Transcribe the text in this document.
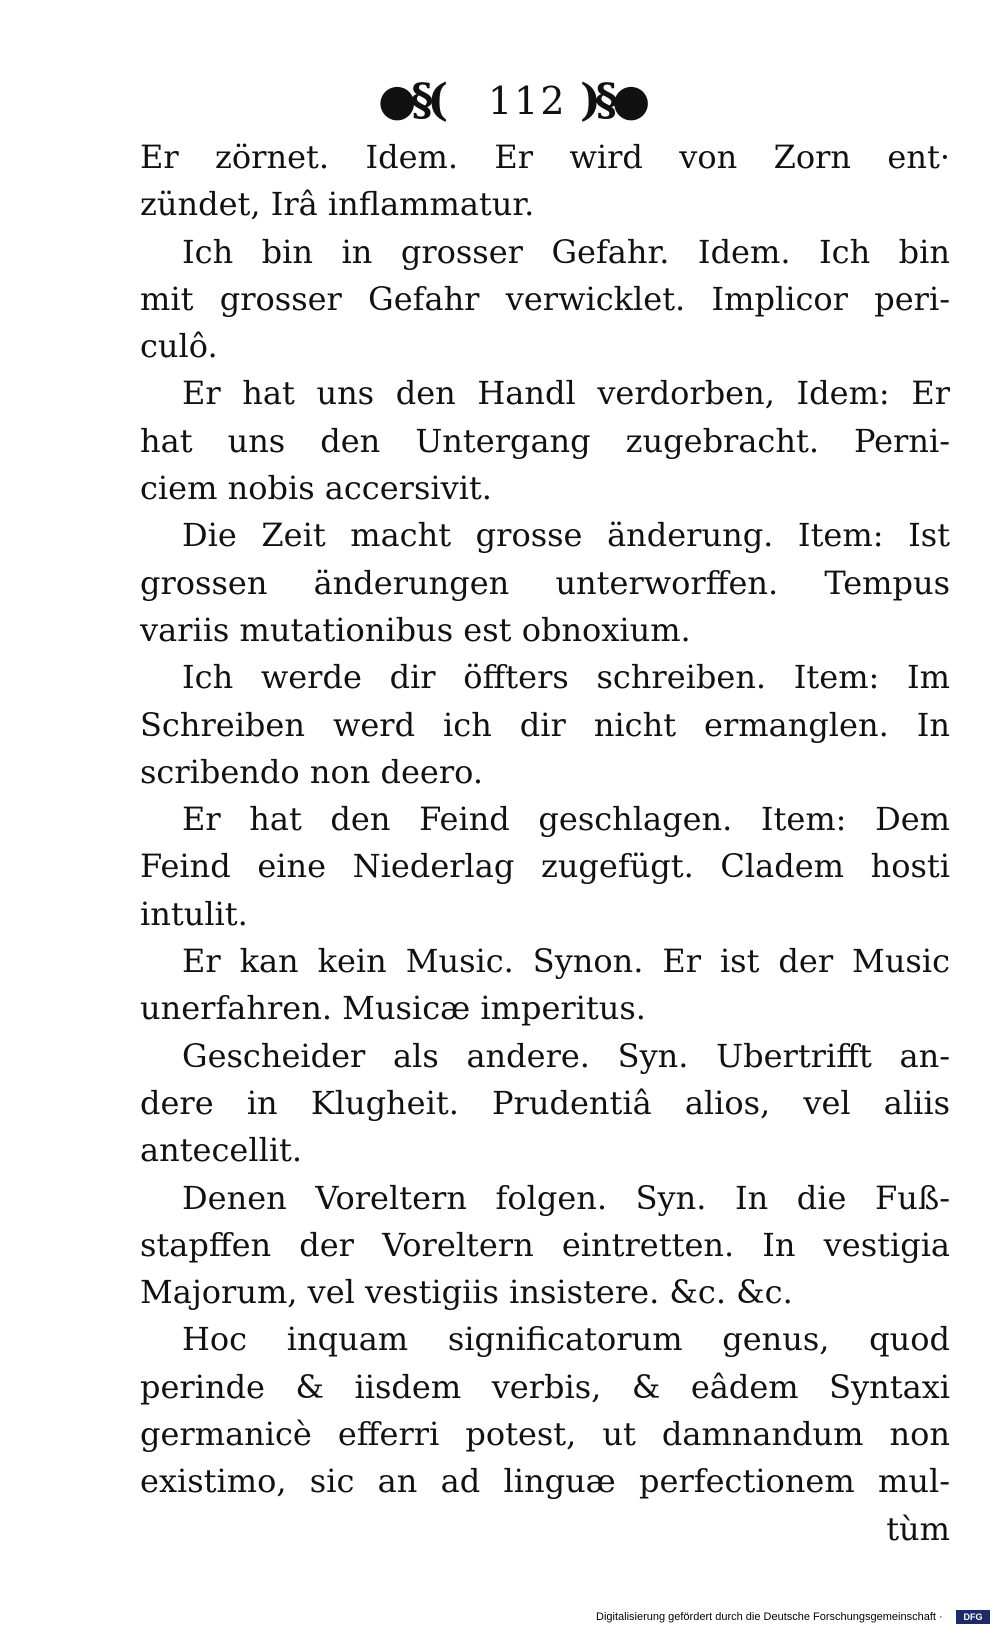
●§( 112 )§●
Er zörnet. Idem. Er wird von Zorn ent·
zündet, Irâ inflammatur.
Ich bin in grosser Gefahr. Idem. Ich bin
mit grosser Gefahr verwicklet. Implicor peri-
culô.
Er hat uns den Handl verdorben, Idem: Er
hat uns den Untergang zugebracht. Perni-
ciem nobis accersivit.
Die Zeit macht grosse änderung. Item: Ist
grossen änderungen unterworffen. Tempus
variis mutationibus est obnoxium.
Ich werde dir öffters schreiben. Item: Im
Schreiben werd ich dir nicht ermanglen. In
scribendo non deero.
Er hat den Feind geschlagen. Item: Dem
Feind eine Niederlag zugefügt. Cladem hosti
intulit.
Er kan kein Music. Synon. Er ist der Music
unerfahren. Musicæ imperitus.
Gescheider als andere. Syn. Ubertrifft an-
dere in Klugheit. Prudentiâ alios, vel aliis
antecellit.
Denen Voreltern folgen. Syn. In die Fuß-
stapffen der Voreltern eintretten. In vestigia
Majorum, vel vestigiis insistere. &c. &c.
Hoc inquam significatorum genus, quod
perinde & iisdem verbis, & eâdem Syntaxi
germanicè efferri potest, ut damnandum non
existimo, sic an ad linguæ perfectionem mul-
tùm
Digitalisierung gefördert durch die Deutsche Forschungsgemeinschaft ·	DFG
